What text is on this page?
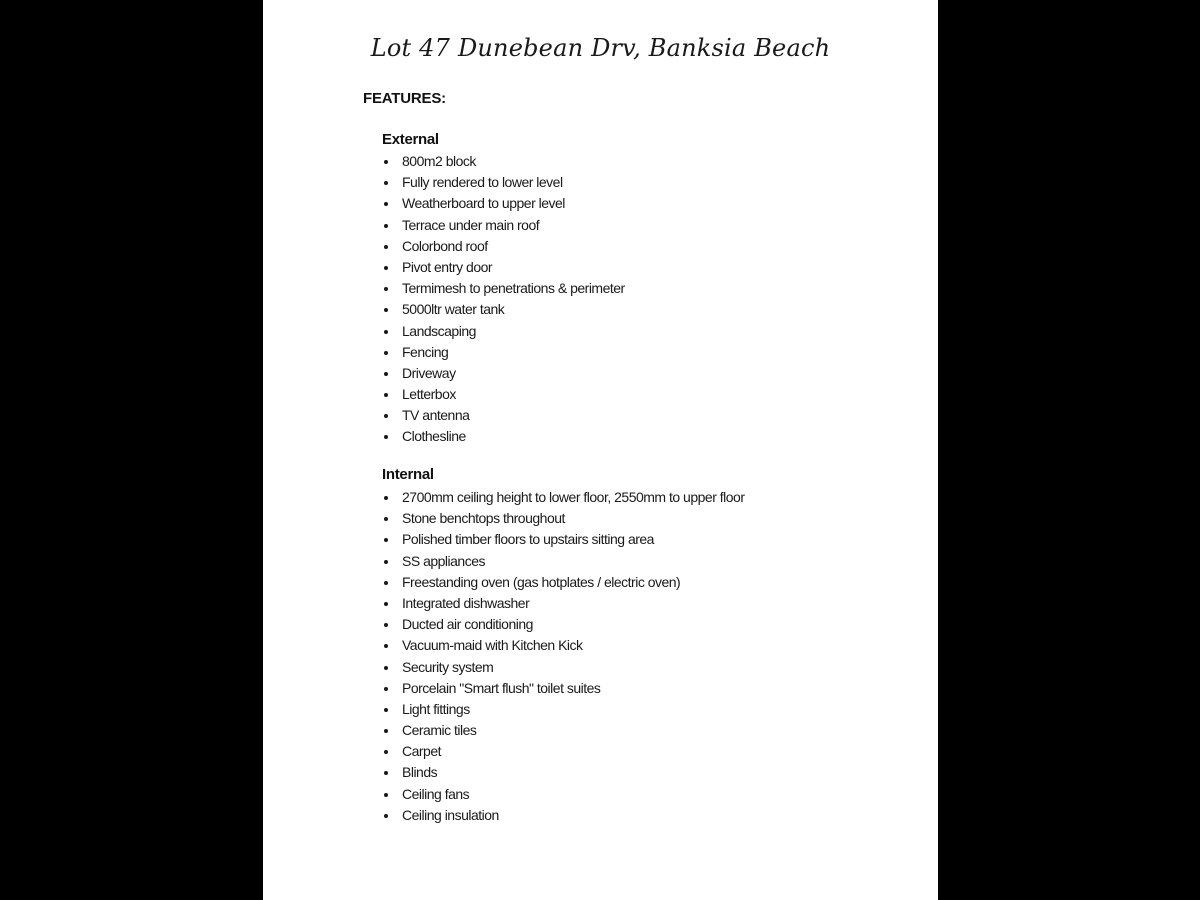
Lot 47 Dunebean Drv, Banksia Beach
FEATURES:
External
800m2 block
Fully rendered to lower level
Weatherboard to upper level
Terrace under main roof
Colorbond roof
Pivot entry door
Termimesh to penetrations & perimeter
5000ltr water tank
Landscaping
Fencing
Driveway
Letterbox
TV antenna
Clothesline
Internal
2700mm ceiling height to lower floor, 2550mm to upper floor
Stone benchtops throughout
Polished timber floors to upstairs sitting area
SS appliances
Freestanding oven (gas hotplates / electric oven)
Integrated dishwasher
Ducted air conditioning
Vacuum-maid with Kitchen Kick
Security system
Porcelain "Smart flush" toilet suites
Light fittings
Ceramic tiles
Carpet
Blinds
Ceiling fans
Ceiling insulation
